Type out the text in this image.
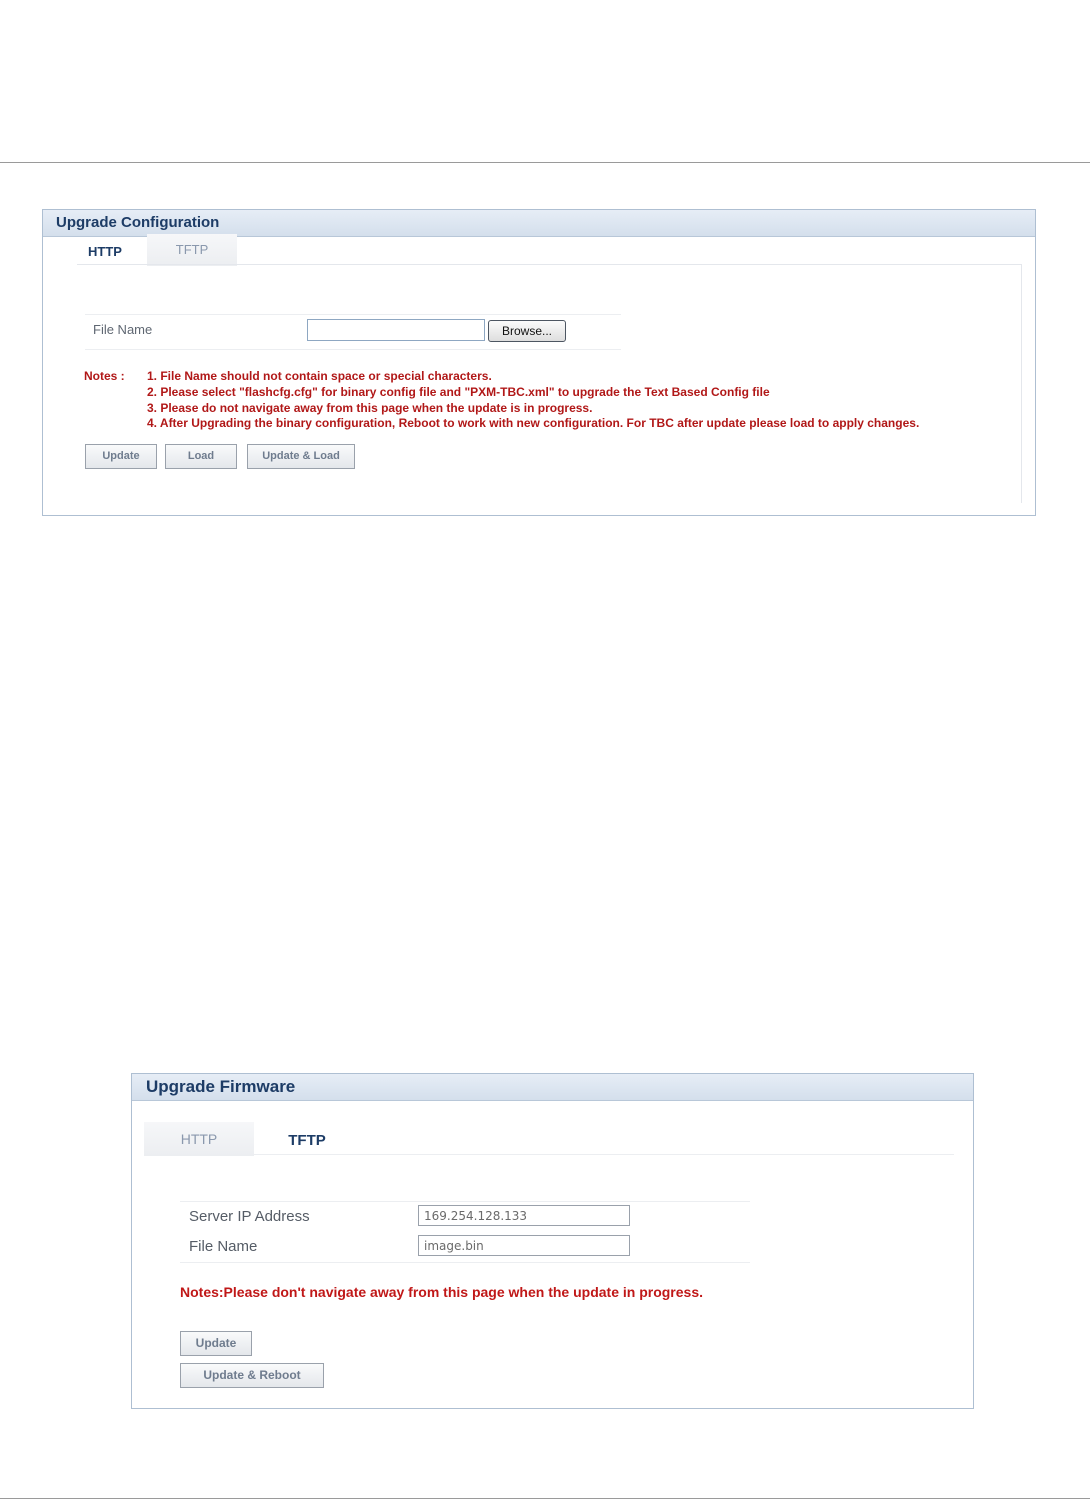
Upgrade Configuration
HTTP	TFTP
File Name	Browse...
Notes : 1. File Name should not contain space or special characters.
2. Please select "flashcfg.cfg" for binary config file and "PXM-TBC.xml" to upgrade the Text Based Config file
3. Please do not navigate away from this page when the update is in progress.
4. After Upgrading the binary configuration, Reboot to work with new configuration. For TBC after update please load to apply changes.
Update	Load	Update & Load
Upgrade Firmware
HTTP	TFTP
Server IP Address	169.254.128.133
File Name	image.bin
Notes:Please don't navigate away from this page when the update in progress.
Update
Update & Reboot
